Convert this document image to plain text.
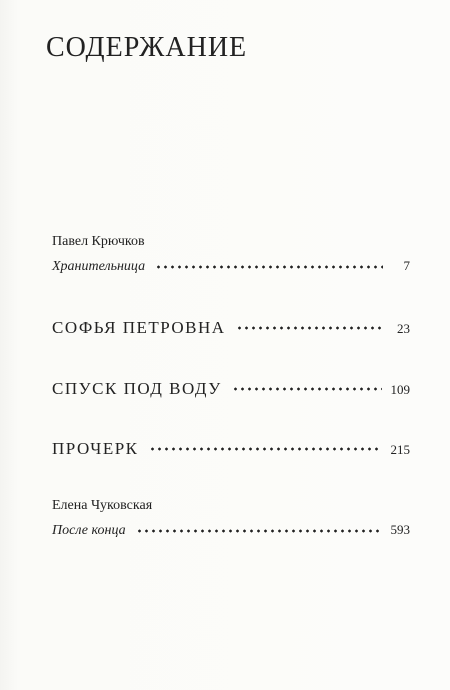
СОДЕРЖАНИЕ
Павел Крючков
Хранительница	7
СОФЬЯ ПЕТРОВНА	23
СПУСК ПОД ВОДУ	109
ПРОЧЕРК	215
Елена Чуковская
После конца	593
